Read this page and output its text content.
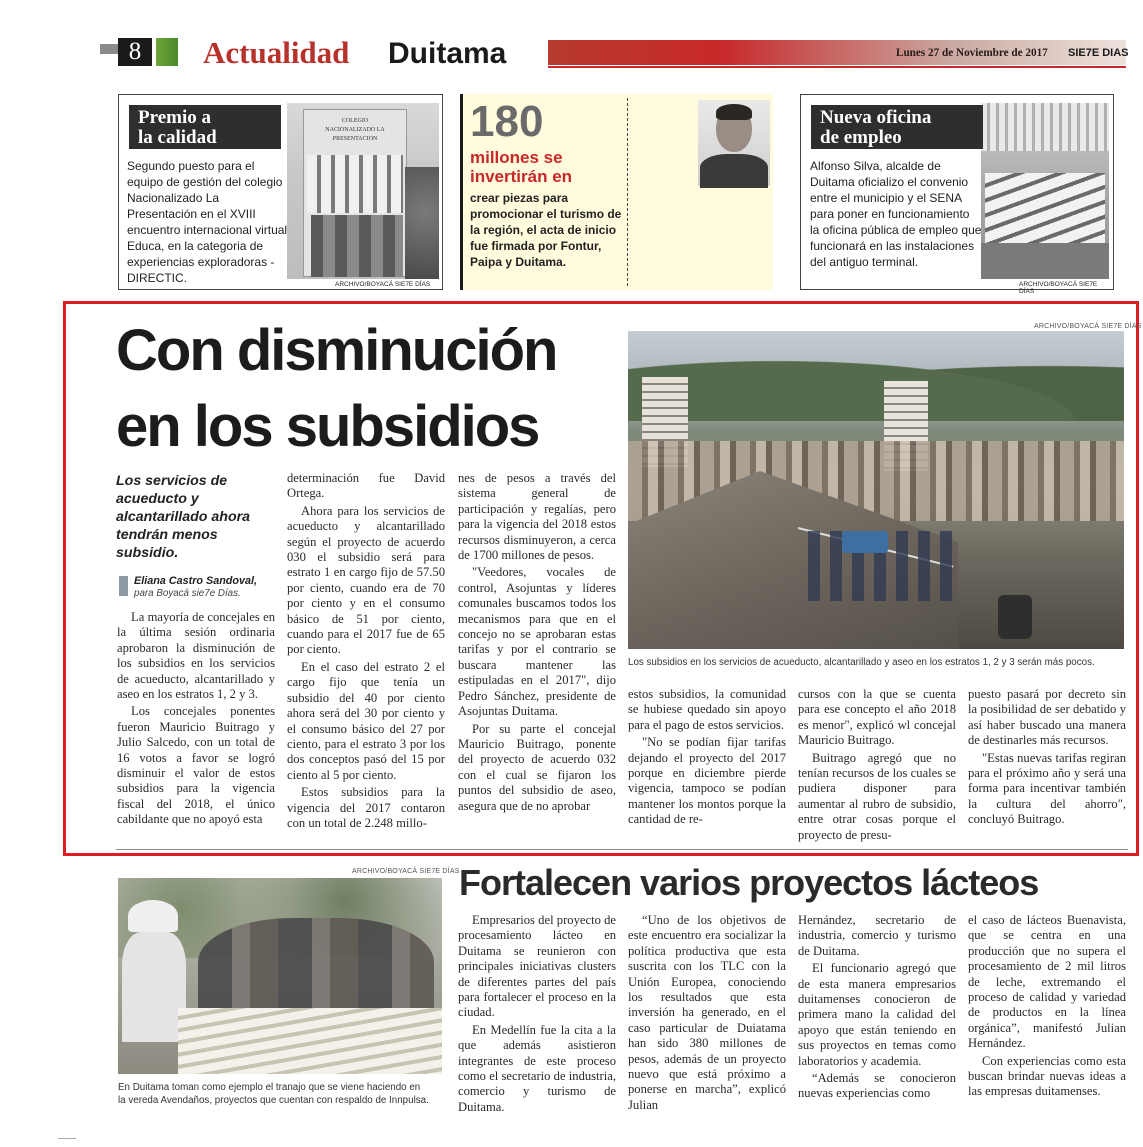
8	Actualidad Duitama	Lunes 27 de Noviembre de 2017 SIE7E DIAS
COLEGIO NACIONALIZADO LA PRESENTACION
ARCHIVO/BOYACÁ SIE7E DÍAS
Premio a
la calidad
Segundo puesto para el equipo de gestión del colegio Nacionalizado La Presentación en el XVIII encuentro internacional virtual Educa, en la categoria de experiencias exploradoras -DIRECTIC.
180
millones se
invertirán en
crear piezas para promocionar el turismo de la región, el acta de inicio fue firmada por Fontur, Paipa y Duitama.
ARCHIVO/BOYACÁ SIE7E DÍAS
Nueva oficina
de empleo
Alfonso Silva, alcalde de Duitama oficializo el convenio entre el municipio y el SENA para poner en funcionamiento la oficina pública de empleo que funcionará en las instalaciones del antiguo terminal.
Con disminución
en los subsidios
ARCHIVO/BOYACÁ SIE7E DÍAS
Los subsidios en los servicios de acueducto, alcantarillado y aseo en los estratos 1, 2 y 3 serán más pocos.
Los servicios de acueducto y alcantarillado ahora tendrán menos subsidio.
Eliana Castro Sandoval,
para Boyacá sie7e Días.

La mayoría de concejales en la última sesión ordinaria aprobaron la disminución de los subsidios en los servicios de acueducto, alcantarillado y aseo en los estratos 1, 2 y 3.

Los concejales ponentes fueron Mauricio Buitrago y Julio Salcedo, con un total de 16 votos a favor se logró disminuir el valor de estos subsidios para la vigencia fiscal del 2018, el único cabildante que no apoyó esta

determinación fue David Ortega.

Ahora para los servicios de acueducto y alcantarillado según el proyecto de acuerdo 030 el subsidio será para estrato 1 en cargo fijo de 57.50 por ciento, cuando era de 70 por ciento y en el consumo básico de 51 por ciento, cuando para el 2017 fue de 65 por ciento.

En el caso del estrato 2 el cargo fijo que tenía un subsidio del 40 por ciento ahora será del 30 por ciento y el consumo básico del 27 por ciento, para el estrato 3 por los dos conceptos pasó del 15 por ciento al 5 por ciento.

Estos subsidios para la vigencia del 2017 contaron con un total de 2.248 millo-

nes de pesos a través del sistema general de participación y regalías, pero para la vigencia del 2018 estos recursos disminuyeron, a cerca de 1700 millones de pesos.

"Veedores, vocales de control, Asojuntas y líderes comunales buscamos todos los mecanismos para que en el concejo no se aprobaran estas tarifas y por el contrario se buscara mantener las estipuladas en el 2017", dijo Pedro Sánchez, presidente de Asojuntas Duitama.

Por su parte el concejal Mauricio Buitrago, ponente del proyecto de acuerdo 032 con el cual se fijaron los puntos del subsidio de aseo, asegura que de no aprobar

estos subsidios, la comunidad se hubiese quedado sin apoyo para el pago de estos servicios.

"No se podían fijar tarifas dejando el proyecto del 2017 porque en diciembre pierde vigencia, tampoco se podían mantener los montos porque la cantidad de re-

cursos con la que se cuenta para ese concepto el año 2018 es menor", explicó wl concejal Mauricio Buitrago.

Buitrago agregó que no tenían recursos de los cuales se pudiera disponer para aumentar al rubro de subsidio, entre otrar cosas porque el proyecto de presu-

puesto pasará por decreto sin la posibilidad de ser debatido y así haber buscado una manera de destinarles más recursos.

"Estas nuevas tarifas regiran para el próximo año y será una forma para incentivar también la cultura del ahorro", concluyó Buitrago.

ARCHIVO/BOYACÁ SIE7E DÍAS
En Duitama toman como ejemplo el tranajo que se viene haciendo en
la vereda Avendaños, proyectos que cuentan con respaldo de Innpulsa.
Fortalecen varios proyectos lácteos

Empresarios del proyecto de procesamiento lácteo en Duitama se reunieron con principales iniciativas clusters de diferentes partes del país para fortalecer el proceso en la ciudad.

En Medellín fue la cita a la que además asistieron integrantes de este proceso como el secretario de industria, comercio y turismo de Duitama.

“Uno de los objetivos de este encuentro era socializar la política productiva que esta suscrita con los TLC con la Unión Europea, conociendo los resultados que esta inversión ha generado, en el caso particular de Duiatama han sido 380 millones de pesos, además de un proyecto nuevo que está próximo a ponerse en marcha”, explicó Julian

Hernández, secretario de industria, comercio y turismo de Duitama.

El funcionario agregó que de esta manera empresarios duitamenses conocieron de primera mano la calidad del apoyo que están teniendo en sus proyectos en temas como laboratorios y academia.

“Además se conocieron nuevas experiencias como

el caso de lácteos Buenavista, que se centra en una producción que no supera el procesamiento de 2 mil litros de leche, extremando el proceso de calidad y variedad de productos en la línea orgánica”, manifestó Julian Hernández.

Con experiencias como esta buscan brindar nuevas ideas a las empresas duitamenses.
